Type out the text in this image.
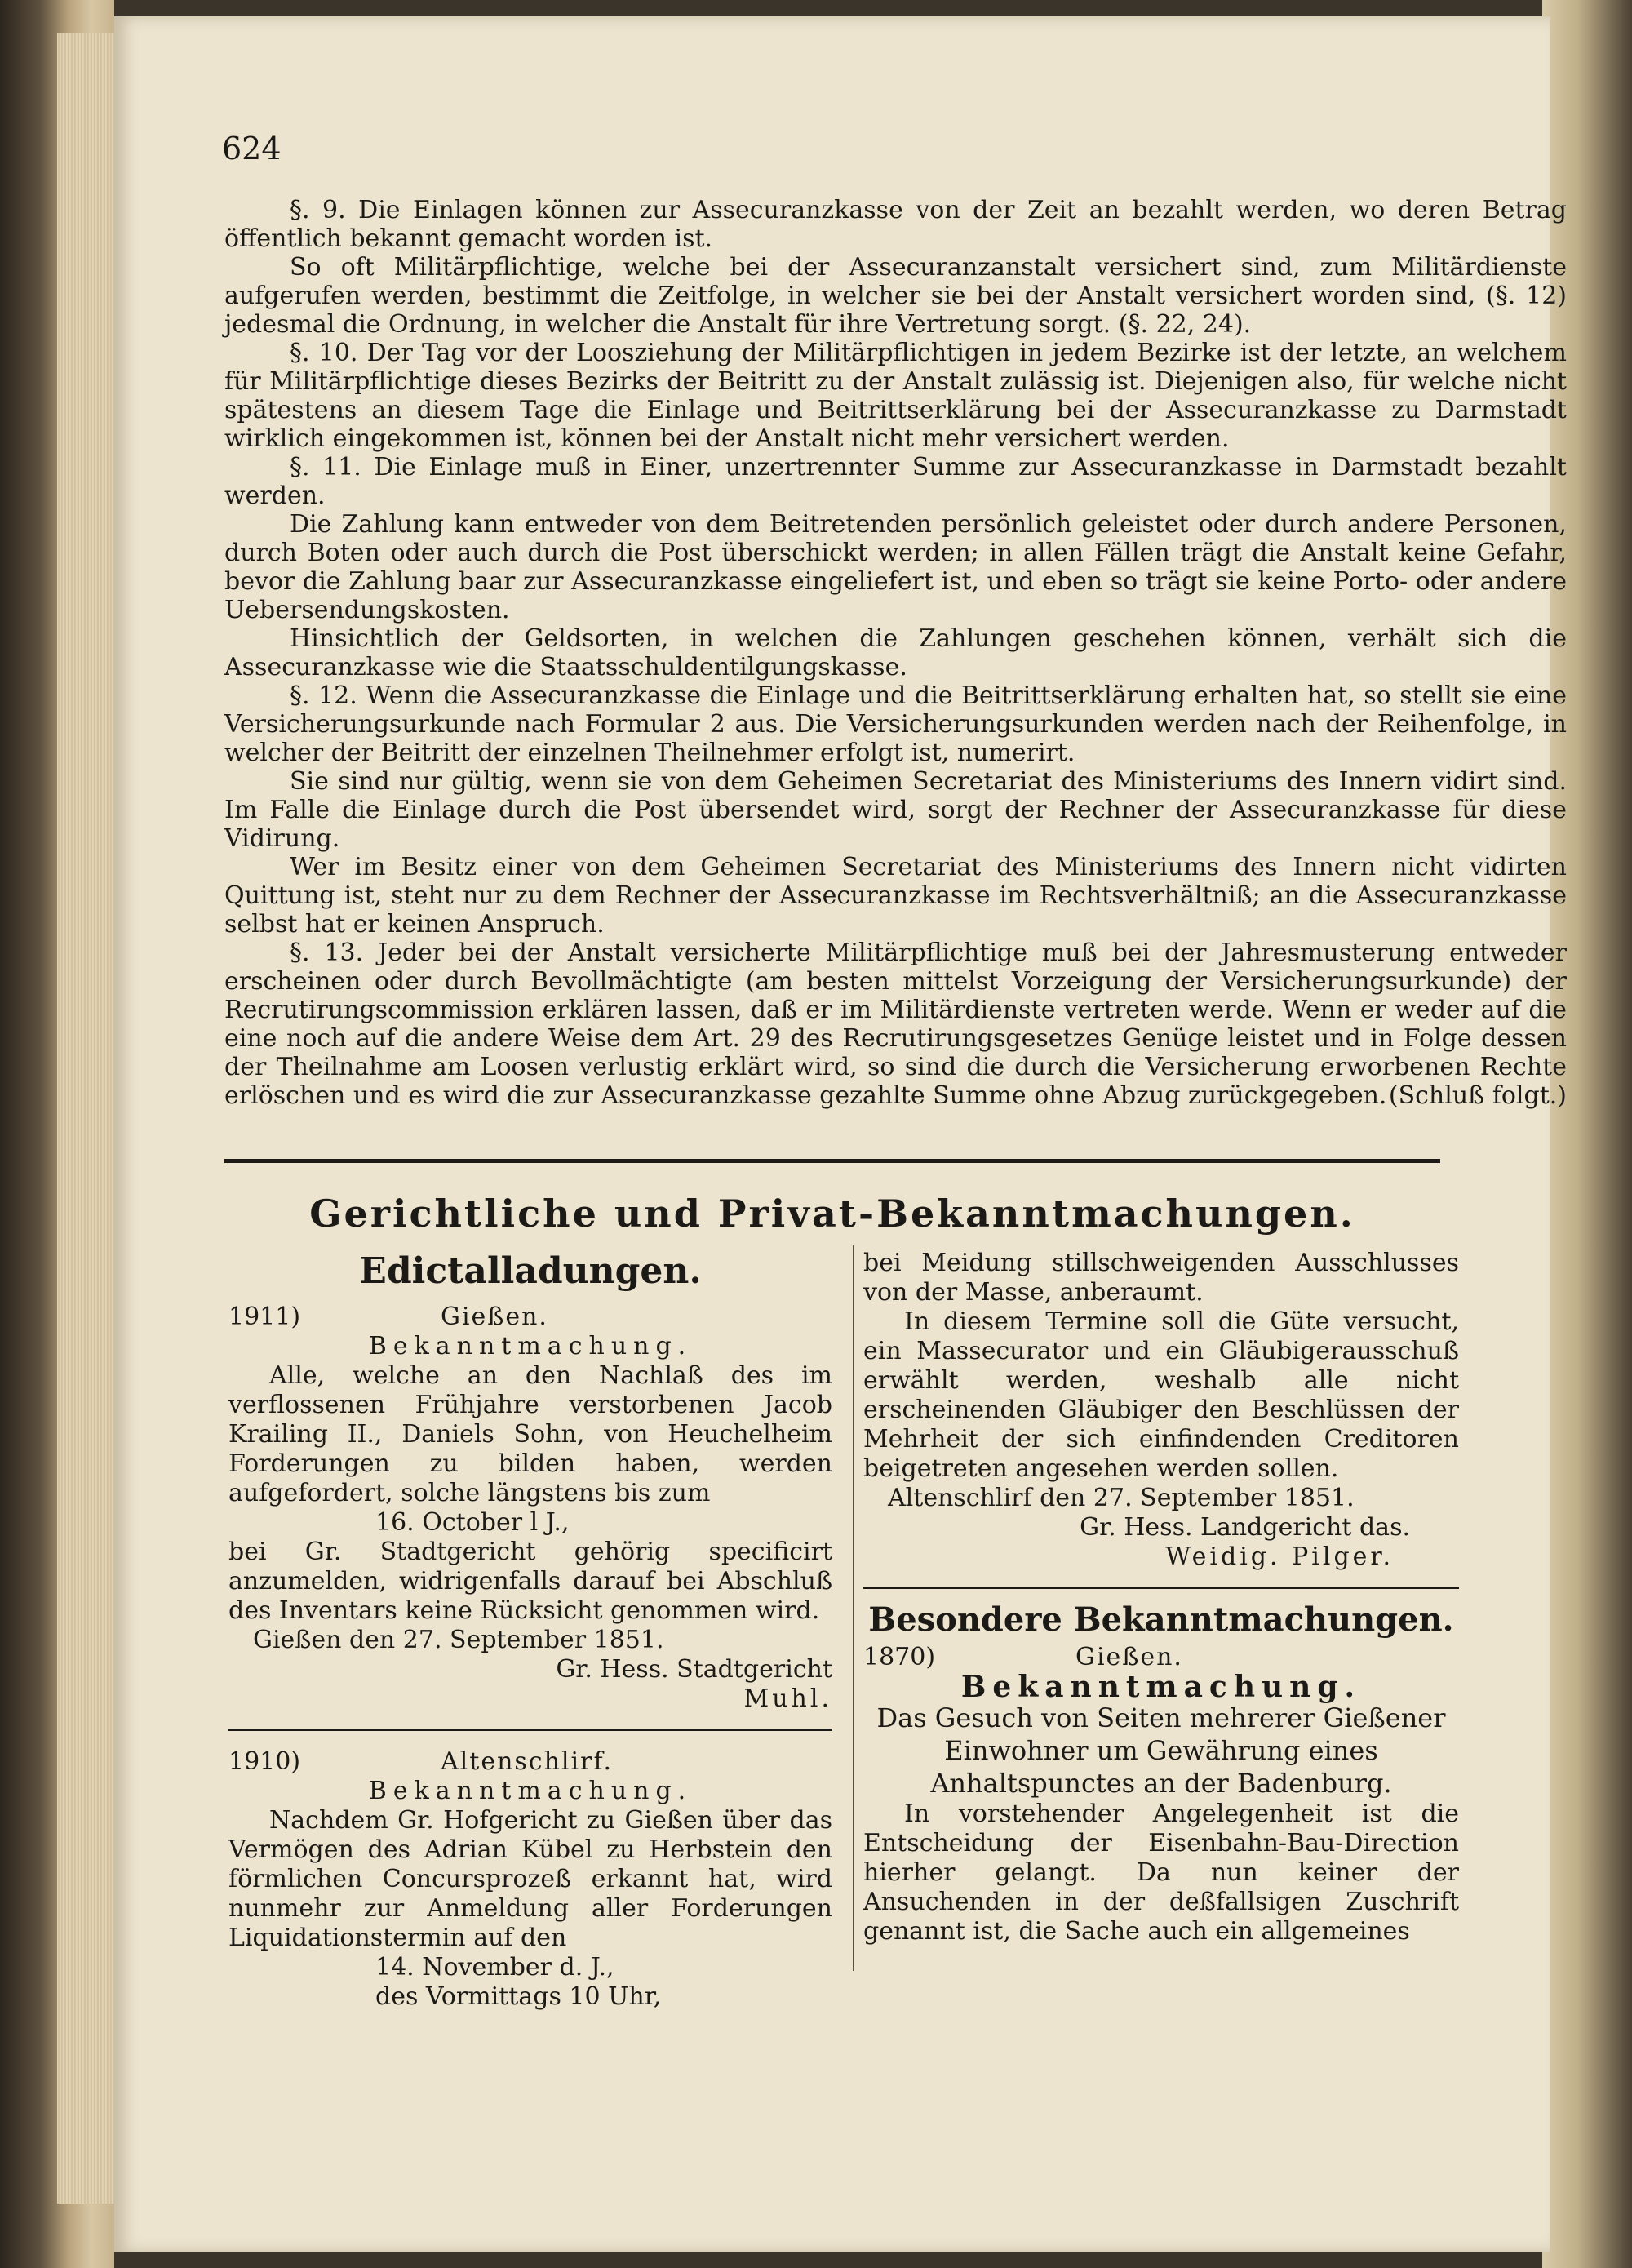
624

§. 9. Die Einlagen können zur Assecuranzkasse von der Zeit an bezahlt werden, wo deren Betrag öffentlich bekannt gemacht worden ist.

So oft Militärpflichtige, welche bei der Assecuranzanstalt versichert sind, zum Militärdienste aufgerufen werden, bestimmt die Zeitfolge, in welcher sie bei der Anstalt versichert worden sind, (§. 12) jedesmal die Ordnung, in welcher die Anstalt für ihre Vertretung sorgt. (§. 22, 24).

§. 10. Der Tag vor der Loosziehung der Militärpflichtigen in jedem Bezirke ist der letzte, an welchem für Militärpflichtige dieses Bezirks der Beitritt zu der Anstalt zulässig ist. Diejenigen also, für welche nicht spätestens an diesem Tage die Einlage und Beitrittserklärung bei der Assecuranzkasse zu Darmstadt wirklich eingekommen ist, können bei der Anstalt nicht mehr versichert werden.

§. 11. Die Einlage muß in Einer, unzertrennter Summe zur Assecuranzkasse in Darmstadt bezahlt werden.

Die Zahlung kann entweder von dem Beitretenden persönlich geleistet oder durch andere Personen, durch Boten oder auch durch die Post überschickt werden; in allen Fällen trägt die Anstalt keine Gefahr, bevor die Zahlung baar zur Assecuranzkasse eingeliefert ist, und eben so trägt sie keine Porto- oder andere Uebersendungskosten.

Hinsichtlich der Geldsorten, in welchen die Zahlungen geschehen können, verhält sich die Assecuranzkasse wie die Staatsschuldentilgungskasse.

§. 12. Wenn die Assecuranzkasse die Einlage und die Beitrittserklärung erhalten hat, so stellt sie eine Versicherungsurkunde nach Formular 2 aus. Die Versicherungsurkunden werden nach der Reihenfolge, in welcher der Beitritt der einzelnen Theilnehmer erfolgt ist, numerirt.

Sie sind nur gültig, wenn sie von dem Geheimen Secretariat des Ministeriums des Innern vidirt sind. Im Falle die Einlage durch die Post übersendet wird, sorgt der Rechner der Assecuranzkasse für diese Vidirung.

Wer im Besitz einer von dem Geheimen Secretariat des Ministeriums des Innern nicht vidirten Quittung ist, steht nur zu dem Rechner der Assecuranzkasse im Rechtsverhältniß; an die Assecuranzkasse selbst hat er keinen Anspruch.

§. 13. Jeder bei der Anstalt versicherte Militärpflichtige muß bei der Jahresmusterung entweder erscheinen oder durch Bevollmächtigte (am besten mittelst Vorzeigung der Versicherungsurkunde) der Recrutirungscommission erklären lassen, daß er im Militärdienste vertreten werde. Wenn er weder auf die eine noch auf die andere Weise dem Art. 29 des Recrutirungsgesetzes Genüge leistet und in Folge dessen der Theilnahme am Loosen verlustig erklärt wird, so sind die durch die Versicherung erworbenen Rechte erlöschen und es wird die zur Assecuranzkasse gezahlte Summe ohne Abzug zurückgegeben. (Schluß folgt.)
Gerichtliche und Privat-Bekanntmachungen.

Edictalladungen.

1911)	Gießen.

Bekanntmachung.

Alle, welche an den Nachlaß des im verflossenen Frühjahre verstorbenen Jacob Krailing II., Daniels Sohn, von Heuchelheim Forderungen zu bilden haben, werden aufgefordert, solche längstens bis zum

16. October l J.,

bei Gr. Stadtgericht gehörig specificirt anzumelden, widrigenfalls darauf bei Abschluß des Inventars keine Rücksicht genommen wird.

Gießen den 27. September 1851.

Gr. Hess. Stadtgericht

Muhl.

1910)	Altenschlirf.

Bekanntmachung.

Nachdem Gr. Hofgericht zu Gießen über das Vermögen des Adrian Kübel zu Herbstein den förmlichen Concursprozeß erkannt hat, wird nunmehr zur Anmeldung aller Forderungen Liquidationstermin auf den

14. November d. J.,

des Vormittags 10 Uhr,

bei Meidung stillschweigenden Ausschlusses von der Masse, anberaumt.

In diesem Termine soll die Güte versucht, ein Massecurator und ein Gläubigerausschuß erwählt werden, weshalb alle nicht erscheinenden Gläubiger den Beschlüssen der Mehrheit der sich einfindenden Creditoren beigetreten angesehen werden sollen.

Altenschlirf den 27. September 1851.

Gr. Hess. Landgericht das.

Weidig. Pilger.

Besondere Bekanntmachungen.

1870)	Gießen.

Bekanntmachung.

Das Gesuch von Seiten mehrerer Gießener Einwohner um Gewährung eines Anhaltspunctes an der Badenburg.

In vorstehender Angelegenheit ist die Entscheidung der Eisenbahn-Bau-Direction hierher gelangt. Da nun keiner der Ansuchenden in der deßfallsigen Zuschrift genannt ist, die Sache auch ein allgemeines
